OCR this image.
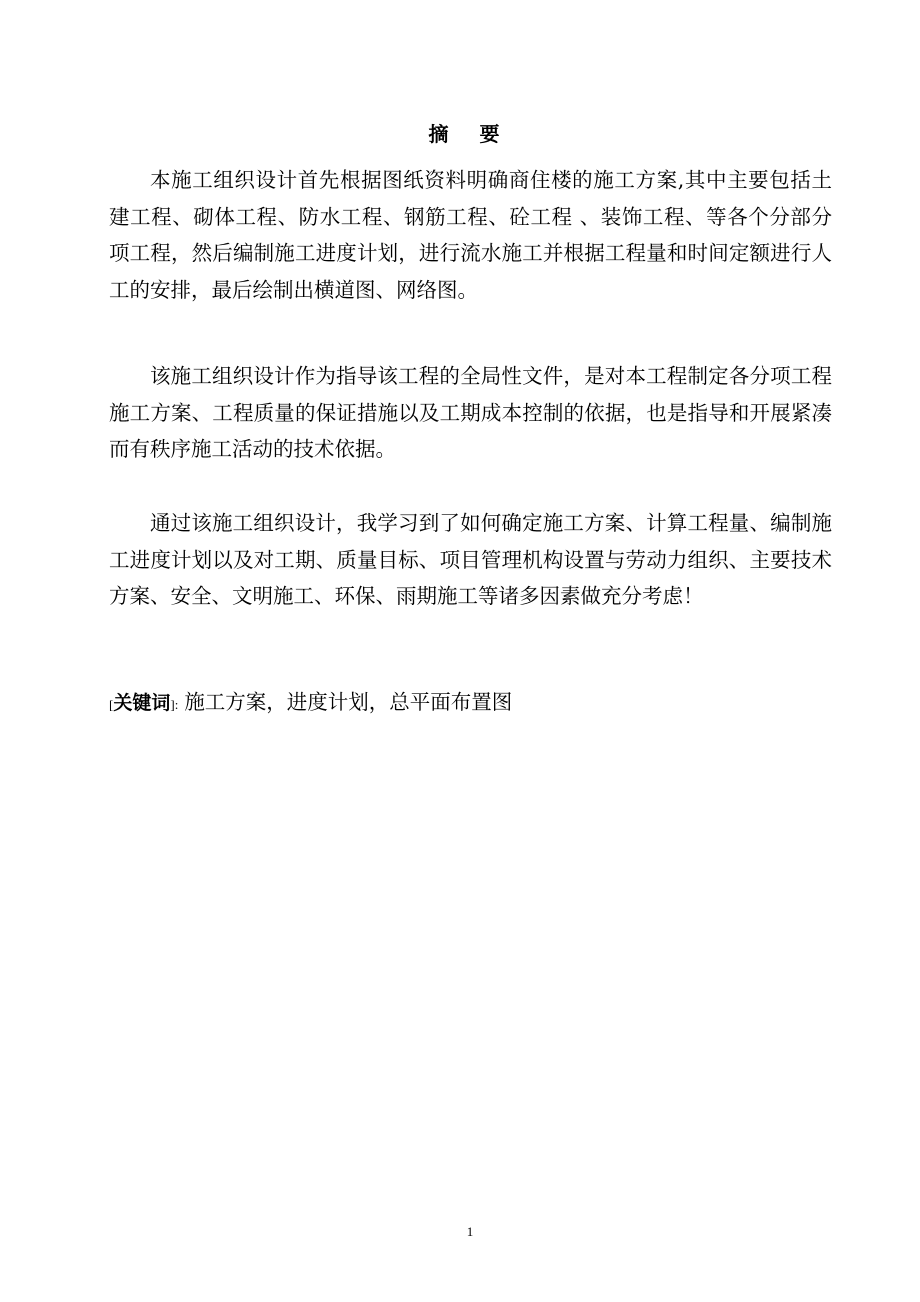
摘 要

本施工组织设计首先根据图纸资料明确商住楼的施工方案,其中主要包括土建工程、砌体工程、防水工程、钢筋工程、砼工程 、装饰工程、等各个分部分项工程，然后编制施工进度计划，进行流水施工并根据工程量和时间定额进行人工的安排，最后绘制出横道图、网络图。

该施工组织设计作为指导该工程的全局性文件，是对本工程制定各分项工程施工方案、工程质量的保证措施以及工期成本控制的依据，也是指导和开展紧凑而有秩序施工活动的技术依据。

通过该施工组织设计，我学习到了如何确定施工方案、计算工程量、编制施工进度计划以及对工期、质量目标、项目管理机构设置与劳动力组织、主要技术方案、安全、文明施工、环保、雨期施工等诸多因素做充分考虑！

[关键词]: 施工方案，进度计划，总平面布置图
1
